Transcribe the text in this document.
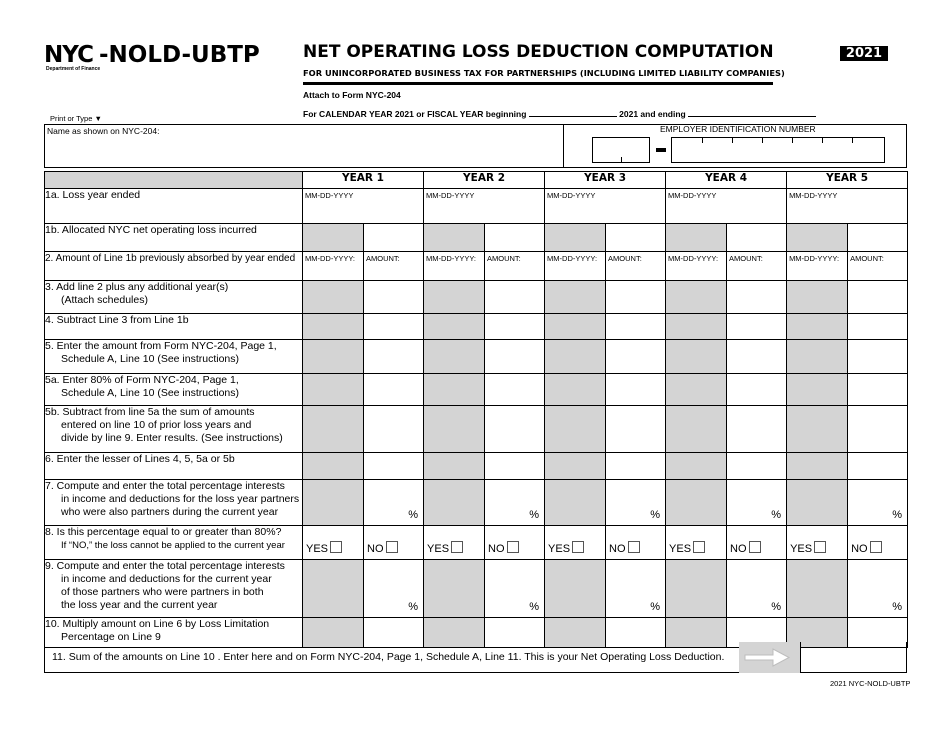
NYC -NOLD-UBTP
Department of Finance
NET OPERATING LOSS DEDUCTION COMPUTATION
FOR UNINCORPORATED BUSINESS TAX FOR PARTNERSHIPS (INCLUDING LIMITED LIABILITY COMPANIES)
2021
Attach to Form NYC-204
Print or Type ▼	For CALENDAR YEAR 2021 or FISCAL YEAR beginning	2021 and ending
Name as shown on NYC-204:	EMPLOYER IDENTIFICATION NUMBER
	YEAR 1		YEAR 2		YEAR 3		YEAR 4		YEAR 5	
1a. Loss year ended	MM-DD-YYYY		MM-DD-YYYY		MM-DD-YYYY		MM-DD-YYYY		MM-DD-YYYY	

1b. Allocated NYC net operating loss incurred										
2. Amount of Line 1b previously absorbed by year ended	MM-DD-YYYY:	AMOUNT:	MM-DD-YYYY:	AMOUNT:	MM-DD-YYYY:	AMOUNT:	MM-DD-YYYY:	AMOUNT:	MM-DD-YYYY:	AMOUNT:

3. Add line 2 plus any additional year(s)
(Attach schedules)										

4. Subtract Line 3 from Line 1b										

5. Enter the amount from Form NYC-204, Page 1,
Schedule A, Line 10 (See instructions)										

5a. Enter 80% of Form NYC-204, Page 1,
Schedule A, Line 10 (See instructions)										

5b. Subtract from line 5a the sum of amounts
entered on line 10 of prior loss years and
divide by line 9. Enter results. (See instructions)										

6. Enter the lesser of Lines 4, 5, 5a or 5b										

7. Compute and enter the total percentage interests
in income and deductions for the loss year partners
who were also partners during the current year		%		%		%		%		%

8. Is this percentage equal to or greater than 80%?
If “NO,” the loss cannot be applied to the current year	YES	NO	YES	NO	YES	NO	YES	NO	YES	NO

9. Compute and enter the total percentage interests
in income and deductions for the current year
of those partners who were partners in both
the loss year and the current year		%		%		%		%		%

10. Multiply amount on Line 6 by Loss Limitation
Percentage on Line 9										

11. Sum of the amounts on Line 10 . Enter here and on Form NYC-204, Page 1, Schedule A, Line 11. This is your Net Operating Loss Deduction.
2021 NYC-NOLD-UBTP
